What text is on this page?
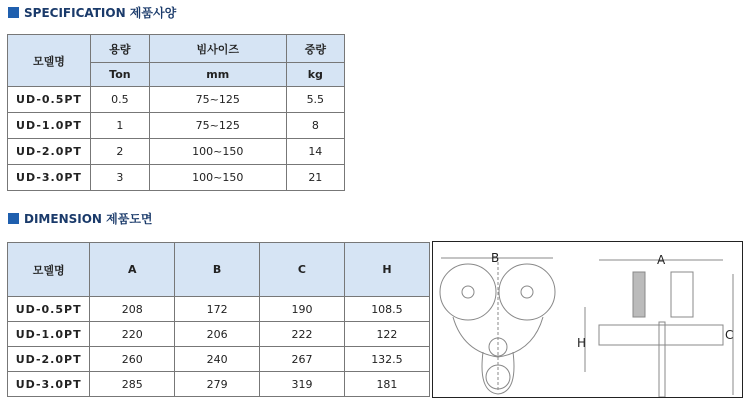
SPECIFICATION 제품사양
모델명	용량	빔사이즈	중량
	Ton	mm	kg
UD-0.5PT	0.5	75~125	5.5
UD-1.0PT	1	75~125	8
UD-2.0PT	2	100~150	14
UD-3.0PT	3	100~150	21
DIMENSION 제품도면
모델명	A	B	C	H
UD-0.5PT	208	172	190	108.5
UD-1.0PT	220	206	222	122
UD-2.0PT	260	240	267	132.5
UD-3.0PT	285	279	319	181
B	A
C
H
